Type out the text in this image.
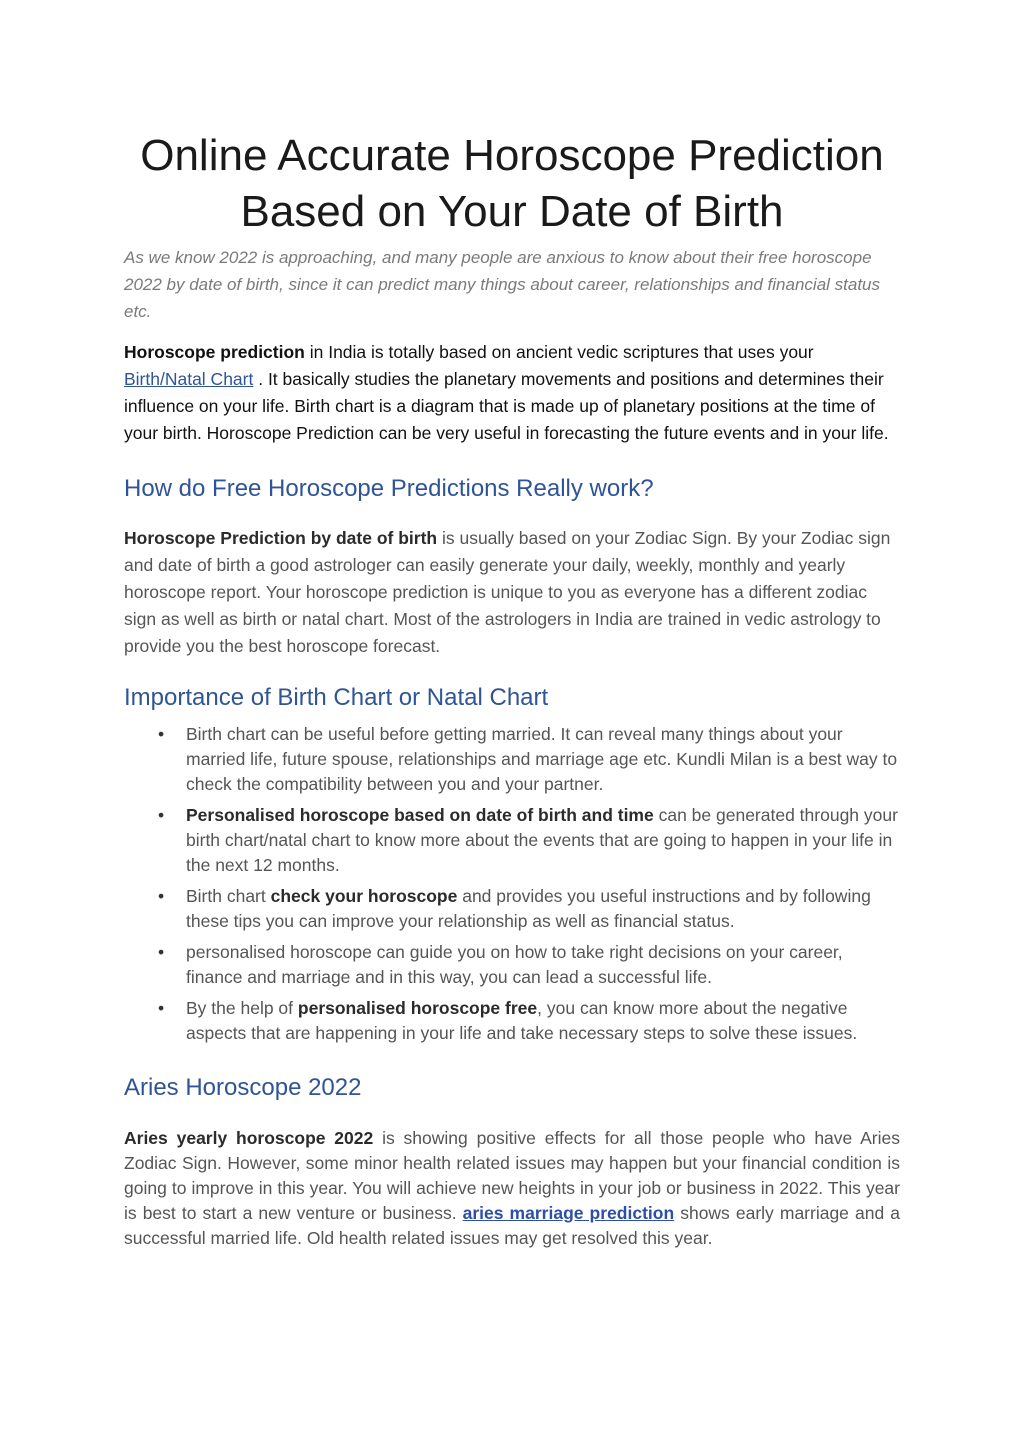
Online Accurate Horoscope Prediction
Based on Your Date of Birth

As we know 2022 is approaching, and many people are anxious to know about their free horoscope 2022 by date of birth, since it can predict many things about career, relationships and financial status etc.

Horoscope prediction in India is totally based on ancient vedic scriptures that uses your Birth/Natal Chart . It basically studies the planetary movements and positions and determines their influence on your life. Birth chart is a diagram that is made up of planetary positions at the time of your birth. Horoscope Prediction can be very useful in forecasting the future events and in your life.

How do Free Horoscope Predictions Really work?

Horoscope Prediction by date of birth is usually based on your Zodiac Sign. By your Zodiac sign and date of birth a good astrologer can easily generate your daily, weekly, monthly and yearly horoscope report. Your horoscope prediction is unique to you as everyone has a different zodiac sign as well as birth or natal chart. Most of the astrologers in India are trained in vedic astrology to provide you the best horoscope forecast.

Importance of Birth Chart or Natal Chart
• Birth chart can be useful before getting married. It can reveal many things about your married life, future spouse, relationships and marriage age etc. Kundli Milan is a best way to check the compatibility between you and your partner.
• Personalised horoscope based on date of birth and time can be generated through your birth chart/natal chart to know more about the events that are going to happen in your life in the next 12 months.
• Birth chart check your horoscope and provides you useful instructions and by following these tips you can improve your relationship as well as financial status.
• personalised horoscope can guide you on how to take right decisions on your career, finance and marriage and in this way, you can lead a successful life.
• By the help of personalised horoscope free, you can know more about the negative aspects that are happening in your life and take necessary steps to solve these issues.
Aries Horoscope 2022

Aries yearly horoscope 2022 is showing positive effects for all those people who have Aries Zodiac Sign. However, some minor health related issues may happen but your financial condition is going to improve in this year. You will achieve new heights in your job or business in 2022. This year is best to start a new venture or business. aries marriage prediction shows early marriage and a successful married life. Old health related issues may get resolved this year.
